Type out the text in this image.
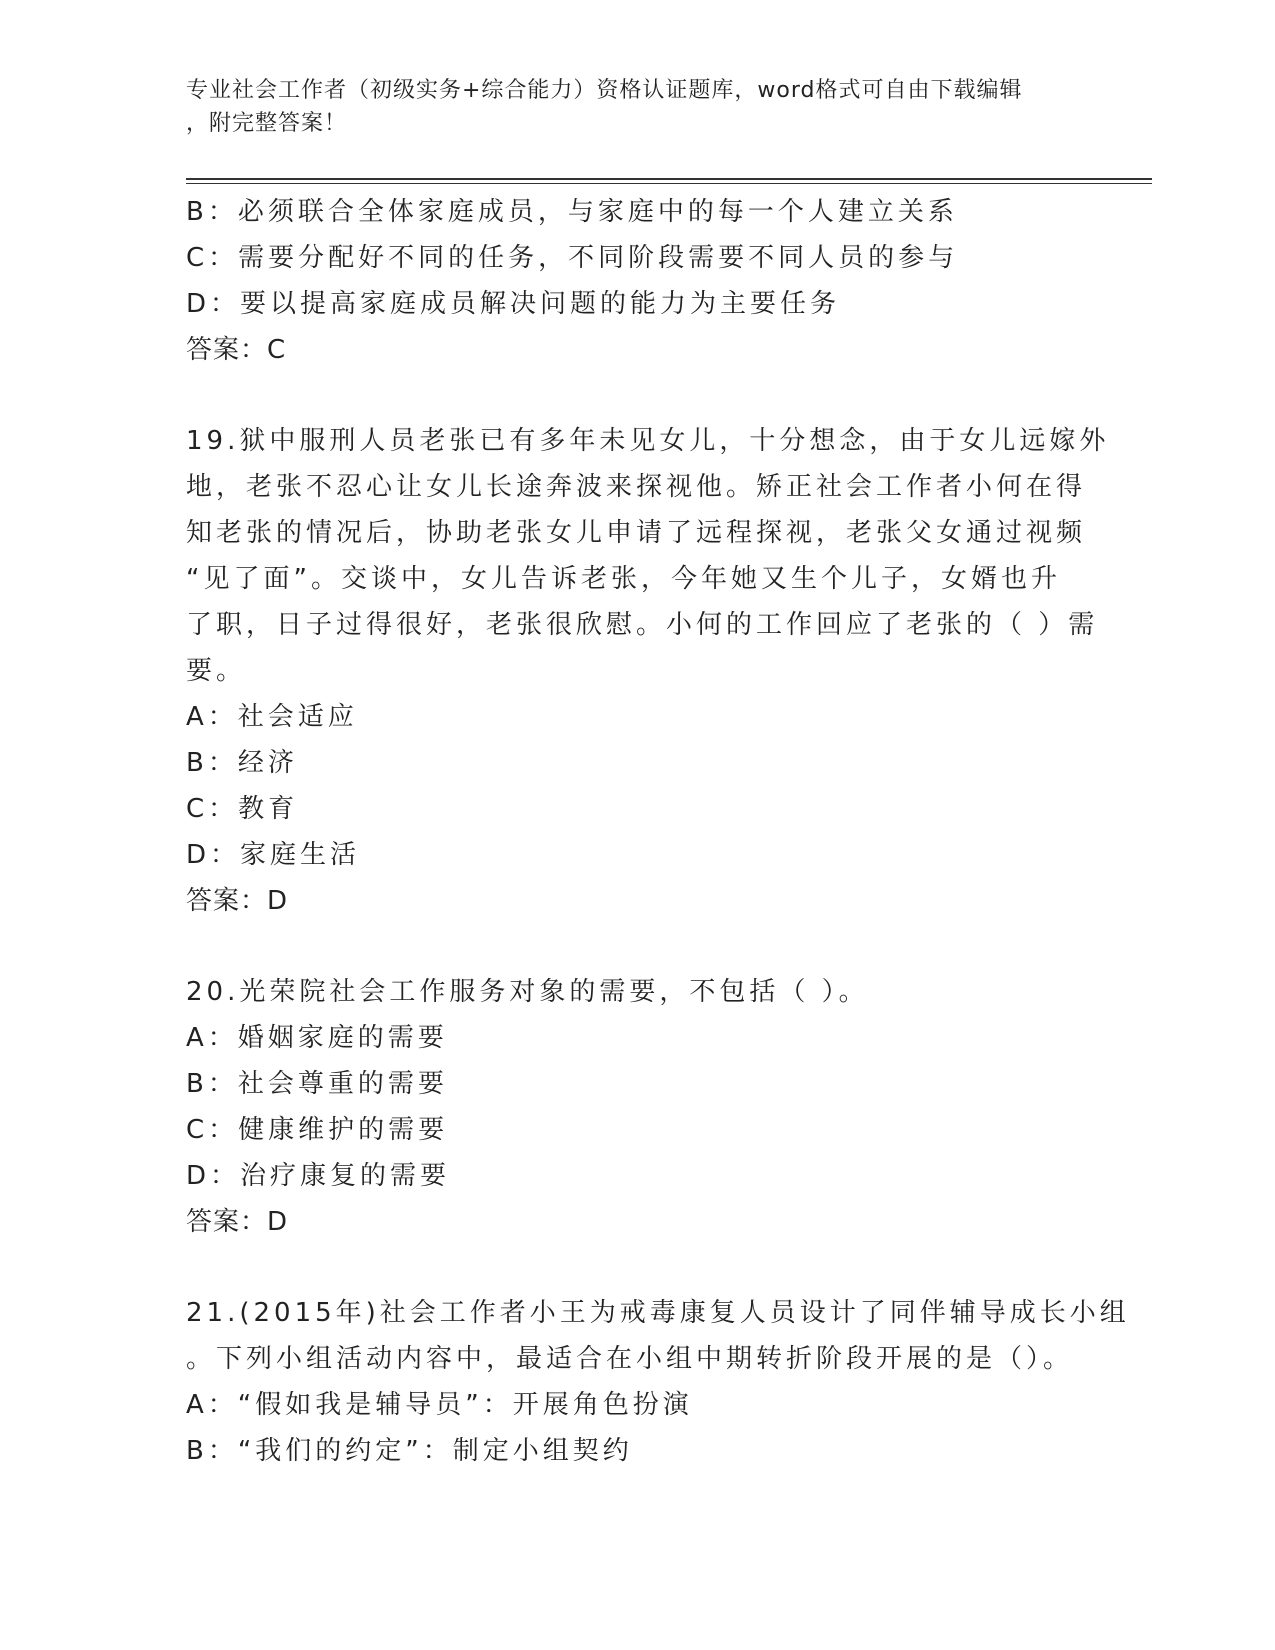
专业社会工作者（初级实务+综合能力）资格认证题库，word格式可自由下载编辑
，附完整答案！
B：必须联合全体家庭成员，与家庭中的每一个人建立关系
C：需要分配好不同的任务，不同阶段需要不同人员的参与
D：要以提高家庭成员解决问题的能力为主要任务
答案：C
19.狱中服刑人员老张已有多年未见女儿，十分想念，由于女儿远嫁外
地，老张不忍心让女儿长途奔波来探视他。矫正社会工作者小何在得
知老张的情况后，协助老张女儿申请了远程探视，老张父女通过视频
“见了面”。交谈中，女儿告诉老张，今年她又生个儿子，女婿也升
了职，日子过得很好，老张很欣慰。小何的工作回应了老张的（ ）需
要。
A：社会适应
B：经济
C：教育
D：家庭生活
答案：D
20.光荣院社会工作服务对象的需要，不包括（ ）。
A：婚姻家庭的需要
B：社会尊重的需要
C：健康维护的需要
D：治疗康复的需要
答案：D
21.(2015年)社会工作者小王为戒毒康复人员设计了同伴辅导成长小组
。下列小组活动内容中，最适合在小组中期转折阶段开展的是（）。
A：“假如我是辅导员”：开展角色扮演
B：“我们的约定”：制定小组契约
